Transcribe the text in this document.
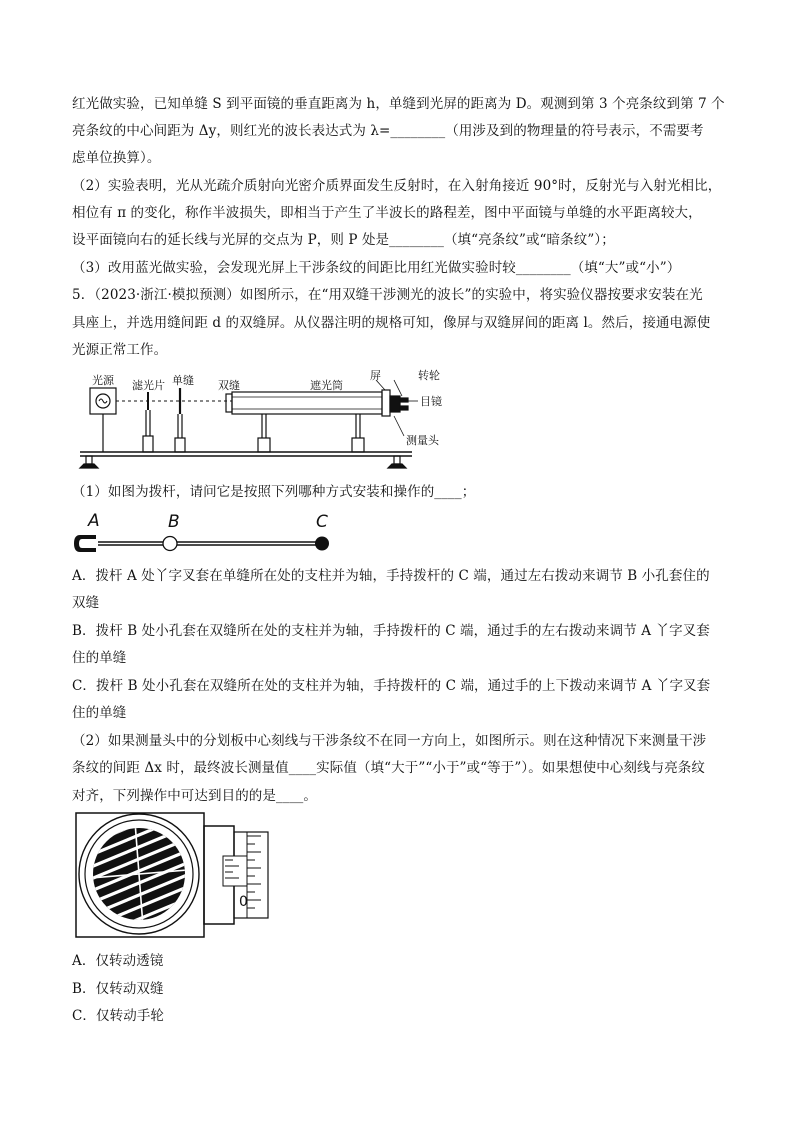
红光做实验，已知单缝 S 到平面镜的垂直距离为 h，单缝到光屏的距离为 D。观测到第 3 个亮条纹到第 7 个
亮条纹的中心间距为 Δy，则红光的波长表达式为 λ=________（用涉及到的物理量的符号表示，不需要考
虑单位换算）。
（2）实验表明，光从光疏介质射向光密介质界面发生反射时，在入射角接近 90°时，反射光与入射光相比，
相位有 π 的变化，称作半波损失，即相当于产生了半波长的路程差，图中平面镜与单缝的水平距离较大，
设平面镜向右的延长线与光屏的交点为 P，则 P 处是________（填“亮条纹”或“暗条纹”）；
（3）改用蓝光做实验，会发现光屏上干涉条纹的间距比用红光做实验时较________（填“大”或“小”）
5．（2023·浙江·模拟预测）如图所示，在“用双缝干涉测光的波长”的实验中，将实验仪器按要求安装在光
具座上，并选用缝间距 d 的双缝屏。从仪器注明的规格可知，像屏与双缝屏间的距离 l。然后，接通电源使
光源正常工作。
光源 滤光片 单缝 双缝	遮光筒
屏	转轮
目镜
测量头
（1）如图为拨杆，请问它是按照下列哪种方式安装和操作的____；
A	B	C
A．拨杆 A 处丫字叉套在单缝所在处的支柱并为轴，手持拨杆的 C 端，通过左右拨动来调节 B 小孔套住的
双缝
B．拨杆 B 处小孔套在双缝所在处的支柱并为轴，手持拨杆的 C 端，通过手的左右拨动来调节 A 丫字叉套
住的单缝
C．拨杆 B 处小孔套在双缝所在处的支柱并为轴，手持拨杆的 C 端，通过手的上下拨动来调节 A 丫字叉套
住的单缝
（2）如果测量头中的分划板中心刻线与干涉条纹不在同一方向上，如图所示。则在这种情况下来测量干涉
条纹的间距 Δx 时，最终波长测量值____实际值（填“大于”“小于”或“等于”）。如果想使中心刻线与亮条纹
对齐，下列操作中可达到目的的是____。
0
A．仅转动透镜
B．仅转动双缝
C．仅转动手轮
